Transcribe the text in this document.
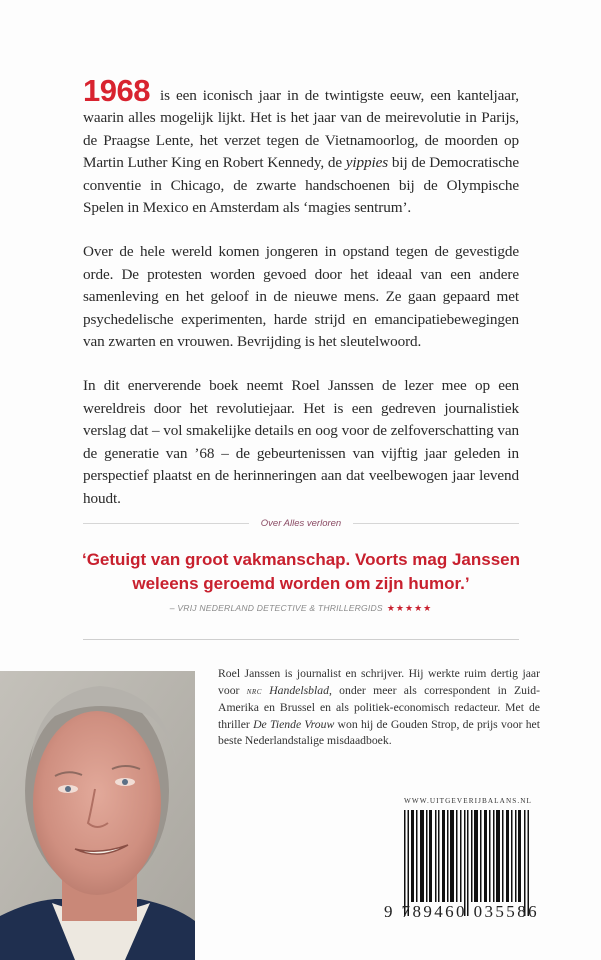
1968 is een iconisch jaar in de twintigste eeuw, een kanteljaar, waarin alles mogelijk lijkt. Het is het jaar van de meirevolutie in Parijs, de Praagse Lente, het verzet tegen de Vietnamoorlog, de moorden op Martin Luther King en Robert Kennedy, de yippies bij de Democratische conventie in Chicago, de zwarte handschoenen bij de Olympische Spelen in Mexico en Amsterdam als ‘magies sentrum’.

Over de hele wereld komen jongeren in opstand tegen de gevestigde orde. De protesten worden gevoed door het ideaal van een andere samenleving en het geloof in de nieuwe mens. Ze gaan gepaard met psychedelische experimenten, harde strijd en emancipatiebewegingen van zwarten en vrouwen. Bevrijding is het sleutelwoord.

In dit enerverende boek neemt Roel Janssen de lezer mee op een wereldreis door het revolutiejaar. Het is een gedreven journalistiek verslag dat – vol smakelijke details en oog voor de zelfoverschatting van de generatie van ’68 – de gebeurtenissen van vijftig jaar geleden in perspectief plaatst en de herinneringen aan dat veelbewogen jaar levend houdt.

Over Alles verloren
‘Getuigt van groot vakmanschap. Voorts mag Janssen weleens geroemd worden om zijn humor.’
– VRIJ NEDERLAND DETECTIVE & THRILLERGIDS ★★★★★
Roel Janssen is journalist en schrijver. Hij werkte ruim dertig jaar voor nrc Handelsblad, onder meer als correspondent in Zuid-Amerika en Brussel en als politiek-economisch redacteur. Met de thriller De Tiende Vrouw won hij de Gouden Strop, de prijs voor het beste Nederlandstalige misdaadboek.
WWW.UITGEVERIJBALANS.NL
9 789460 035586
